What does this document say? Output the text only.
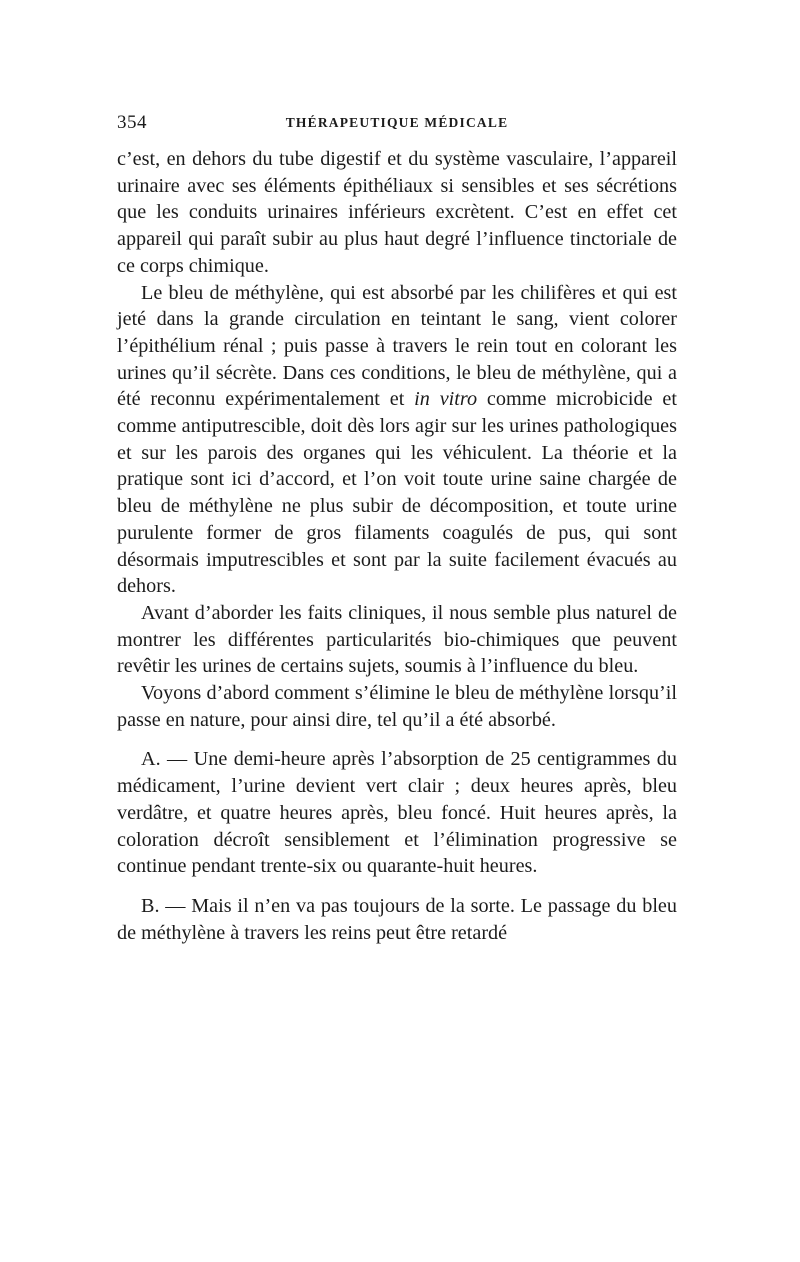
354	THÉRAPEUTIQUE MÉDICALE

c’est, en dehors du tube digestif et du système vasculaire, l’appareil urinaire avec ses éléments épithéliaux si sensibles et ses sécrétions que les conduits urinaires inférieurs excrètent. C’est en effet cet appareil qui paraît subir au plus haut degré l’influence tinctoriale de ce corps chimique.

Le bleu de méthylène, qui est absorbé par les chilifères et qui est jeté dans la grande circulation en teintant le sang, vient colorer l’épithélium rénal ; puis passe à travers le rein tout en colorant les urines qu’il sécrète. Dans ces conditions, le bleu de méthylène, qui a été reconnu expérimentalement et in vitro comme microbicide et comme antiputrescible, doit dès lors agir sur les urines pathologiques et sur les parois des organes qui les véhiculent. La théorie et la pratique sont ici d’accord, et l’on voit toute urine saine chargée de bleu de méthylène ne plus subir de décomposition, et toute urine purulente former de gros filaments coagulés de pus, qui sont désormais imputrescibles et sont par la suite facilement évacués au dehors.

Avant d’aborder les faits cliniques, il nous semble plus naturel de montrer les différentes particularités bio-chimiques que peuvent revêtir les urines de certains sujets, soumis à l’influence du bleu.

Voyons d’abord comment s’élimine le bleu de méthylène lorsqu’il passe en nature, pour ainsi dire, tel qu’il a été absorbé.

A. — Une demi-heure après l’absorption de 25 centigrammes du médicament, l’urine devient vert clair ; deux heures après, bleu verdâtre, et quatre heures après, bleu foncé. Huit heures après, la coloration décroît sensiblement et l’élimination progressive se continue pendant trente-six ou quarante-huit heures.

B. — Mais il n’en va pas toujours de la sorte. Le passage du bleu de méthylène à travers les reins peut être retardé
